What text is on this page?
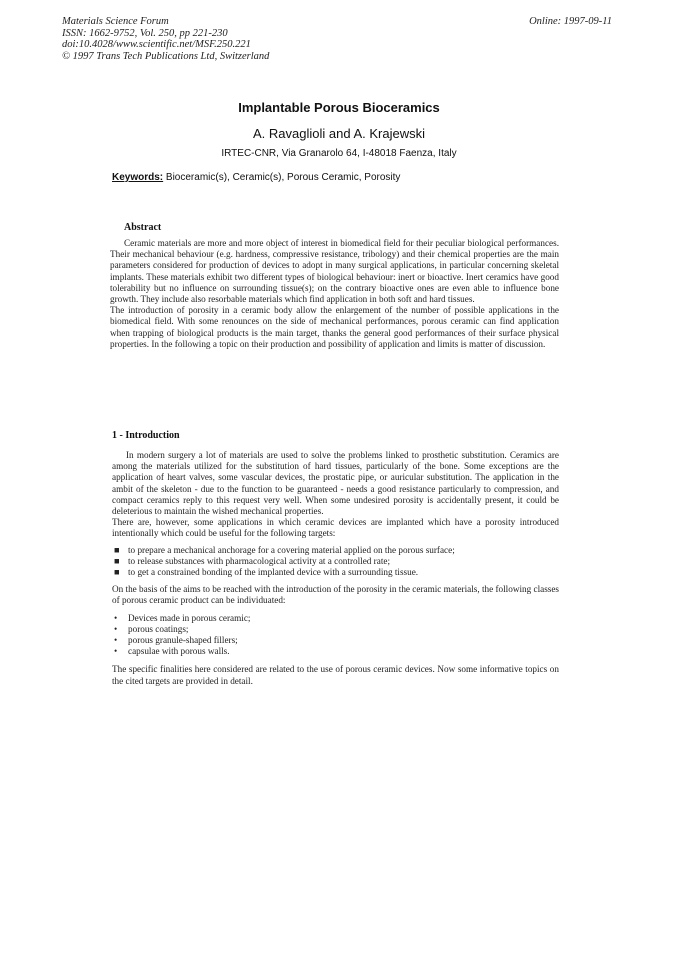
Materials Science Forum
ISSN: 1662-9752, Vol. 250, pp 221-230
doi:10.4028/www.scientific.net/MSF.250.221
© 1997 Trans Tech Publications Ltd, Switzerland
Online: 1997-09-11
Implantable Porous Bioceramics
A. Ravaglioli and A. Krajewski
IRTEC-CNR, Via Granarolo 64, I-48018 Faenza, Italy
Keywords: Bioceramic(s), Ceramic(s), Porous Ceramic, Porosity
Abstract

Ceramic materials are more and more object of interest in biomedical field for their peculiar biological performances. Their mechanical behaviour (e.g. hardness, compressive resistance, tribology) and their chemical properties are the main parameters considered for production of devices to adopt in many surgical applications, in particular concerning skeletal implants. These materials exhibit two different types of biological behaviour: inert or bioactive. Inert ceramics have good tolerability but no influence on surrounding tissue(s); on the contrary bioactive ones are even able to influence bone growth. They include also resorbable materials which find application in both soft and hard tissues.

The introduction of porosity in a ceramic body allow the enlargement of the number of possible applications in the biomedical field. With some renounces on the side of mechanical performances, porous ceramic can find application when trapping of biological products is the main target, thanks the general good performances of their surface physical properties. In the following a topic on their production and possibility of application and limits is matter of discussion.

1 - Introduction

In modern surgery a lot of materials are used to solve the problems linked to prosthetic substitution. Ceramics are among the materials utilized for the substitution of hard tissues, particularly of the bone. Some exceptions are the application of heart valves, some vascular devices, the prostatic pipe, or auricular substitution. The application in the ambit of the skeleton - due to the function to be guaranteed - needs a good resistance particularly to compression, and compact ceramics reply to this request very well. When some undesired porosity is accidentally present, it could be deleterious to maintain the wished mechanical properties.

There are, however, some applications in which ceramic devices are implanted which have a porosity introduced intentionally which could be useful for the following targets:

■ to prepare a mechanical anchorage for a covering material applied on the porous surface;
■ to release substances with pharmacological activity at a controlled rate;
■ to get a constrained bonding of the implanted device with a surrounding tissue.

On the basis of the aims to be reached with the introduction of the porosity in the ceramic materials, the following classes of porous ceramic product can be individuated:

• Devices made in porous ceramic;
• porous coatings;
• porous granule-shaped fillers;
• capsulae with porous walls.

The specific finalities here considered are related to the use of porous ceramic devices. Now some informative topics on the cited targets are provided in detail.
